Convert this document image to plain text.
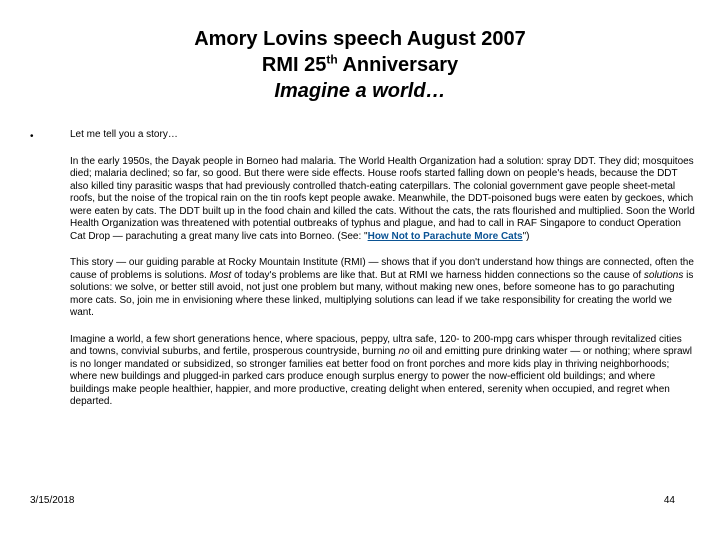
Amory Lovins speech August 2007
RMI 25th Anniversary
Imagine a world…
•	Let me tell you a story…

In the early 1950s, the Dayak people in Borneo had malaria. The World Health Organization had a solution: spray DDT. They did; mosquitoes died; malaria declined; so far, so good. But there were side effects. House roofs started falling down on people's heads, because the DDT also killed tiny parasitic wasps that had previously controlled thatch-eating caterpillars. The colonial government gave people sheet-metal roofs, but the noise of the tropical rain on the tin roofs kept people awake. Meanwhile, the DDT-poisoned bugs were eaten by geckoes, which were eaten by cats. The DDT built up in the food chain and killed the cats. Without the cats, the rats flourished and multiplied. Soon the World Health Organization was threatened with potential outbreaks of typhus and plague, and had to call in RAF Singapore to conduct Operation Cat Drop — parachuting a great many live cats into Borneo. (See: "How Not to Parachute More Cats")

This story — our guiding parable at Rocky Mountain Institute (RMI) — shows that if you don't understand how things are connected, often the cause of problems is solutions. Most of today's problems are like that. But at RMI we harness hidden connections so the cause of solutions is solutions: we solve, or better still avoid, not just one problem but many, without making new ones, before someone has to go parachuting more cats. So, join me in envisioning where these linked, multiplying solutions can lead if we take responsibility for creating the world we want.

Imagine a world, a few short generations hence, where spacious, peppy, ultra safe, 120- to 200-mpg cars whisper through revitalized cities and towns, convivial suburbs, and fertile, prosperous countryside, burning no oil and emitting pure drinking water — or nothing; where sprawl is no longer mandated or subsidized, so stronger families eat better food on front porches and more kids play in thriving neighborhoods; where new buildings and plugged-in parked cars produce enough surplus energy to power the now-efficient old buildings; and where buildings make people healthier, happier, and more productive, creating delight when entered, serenity when occupied, and regret when departed.

3/15/2018	44
